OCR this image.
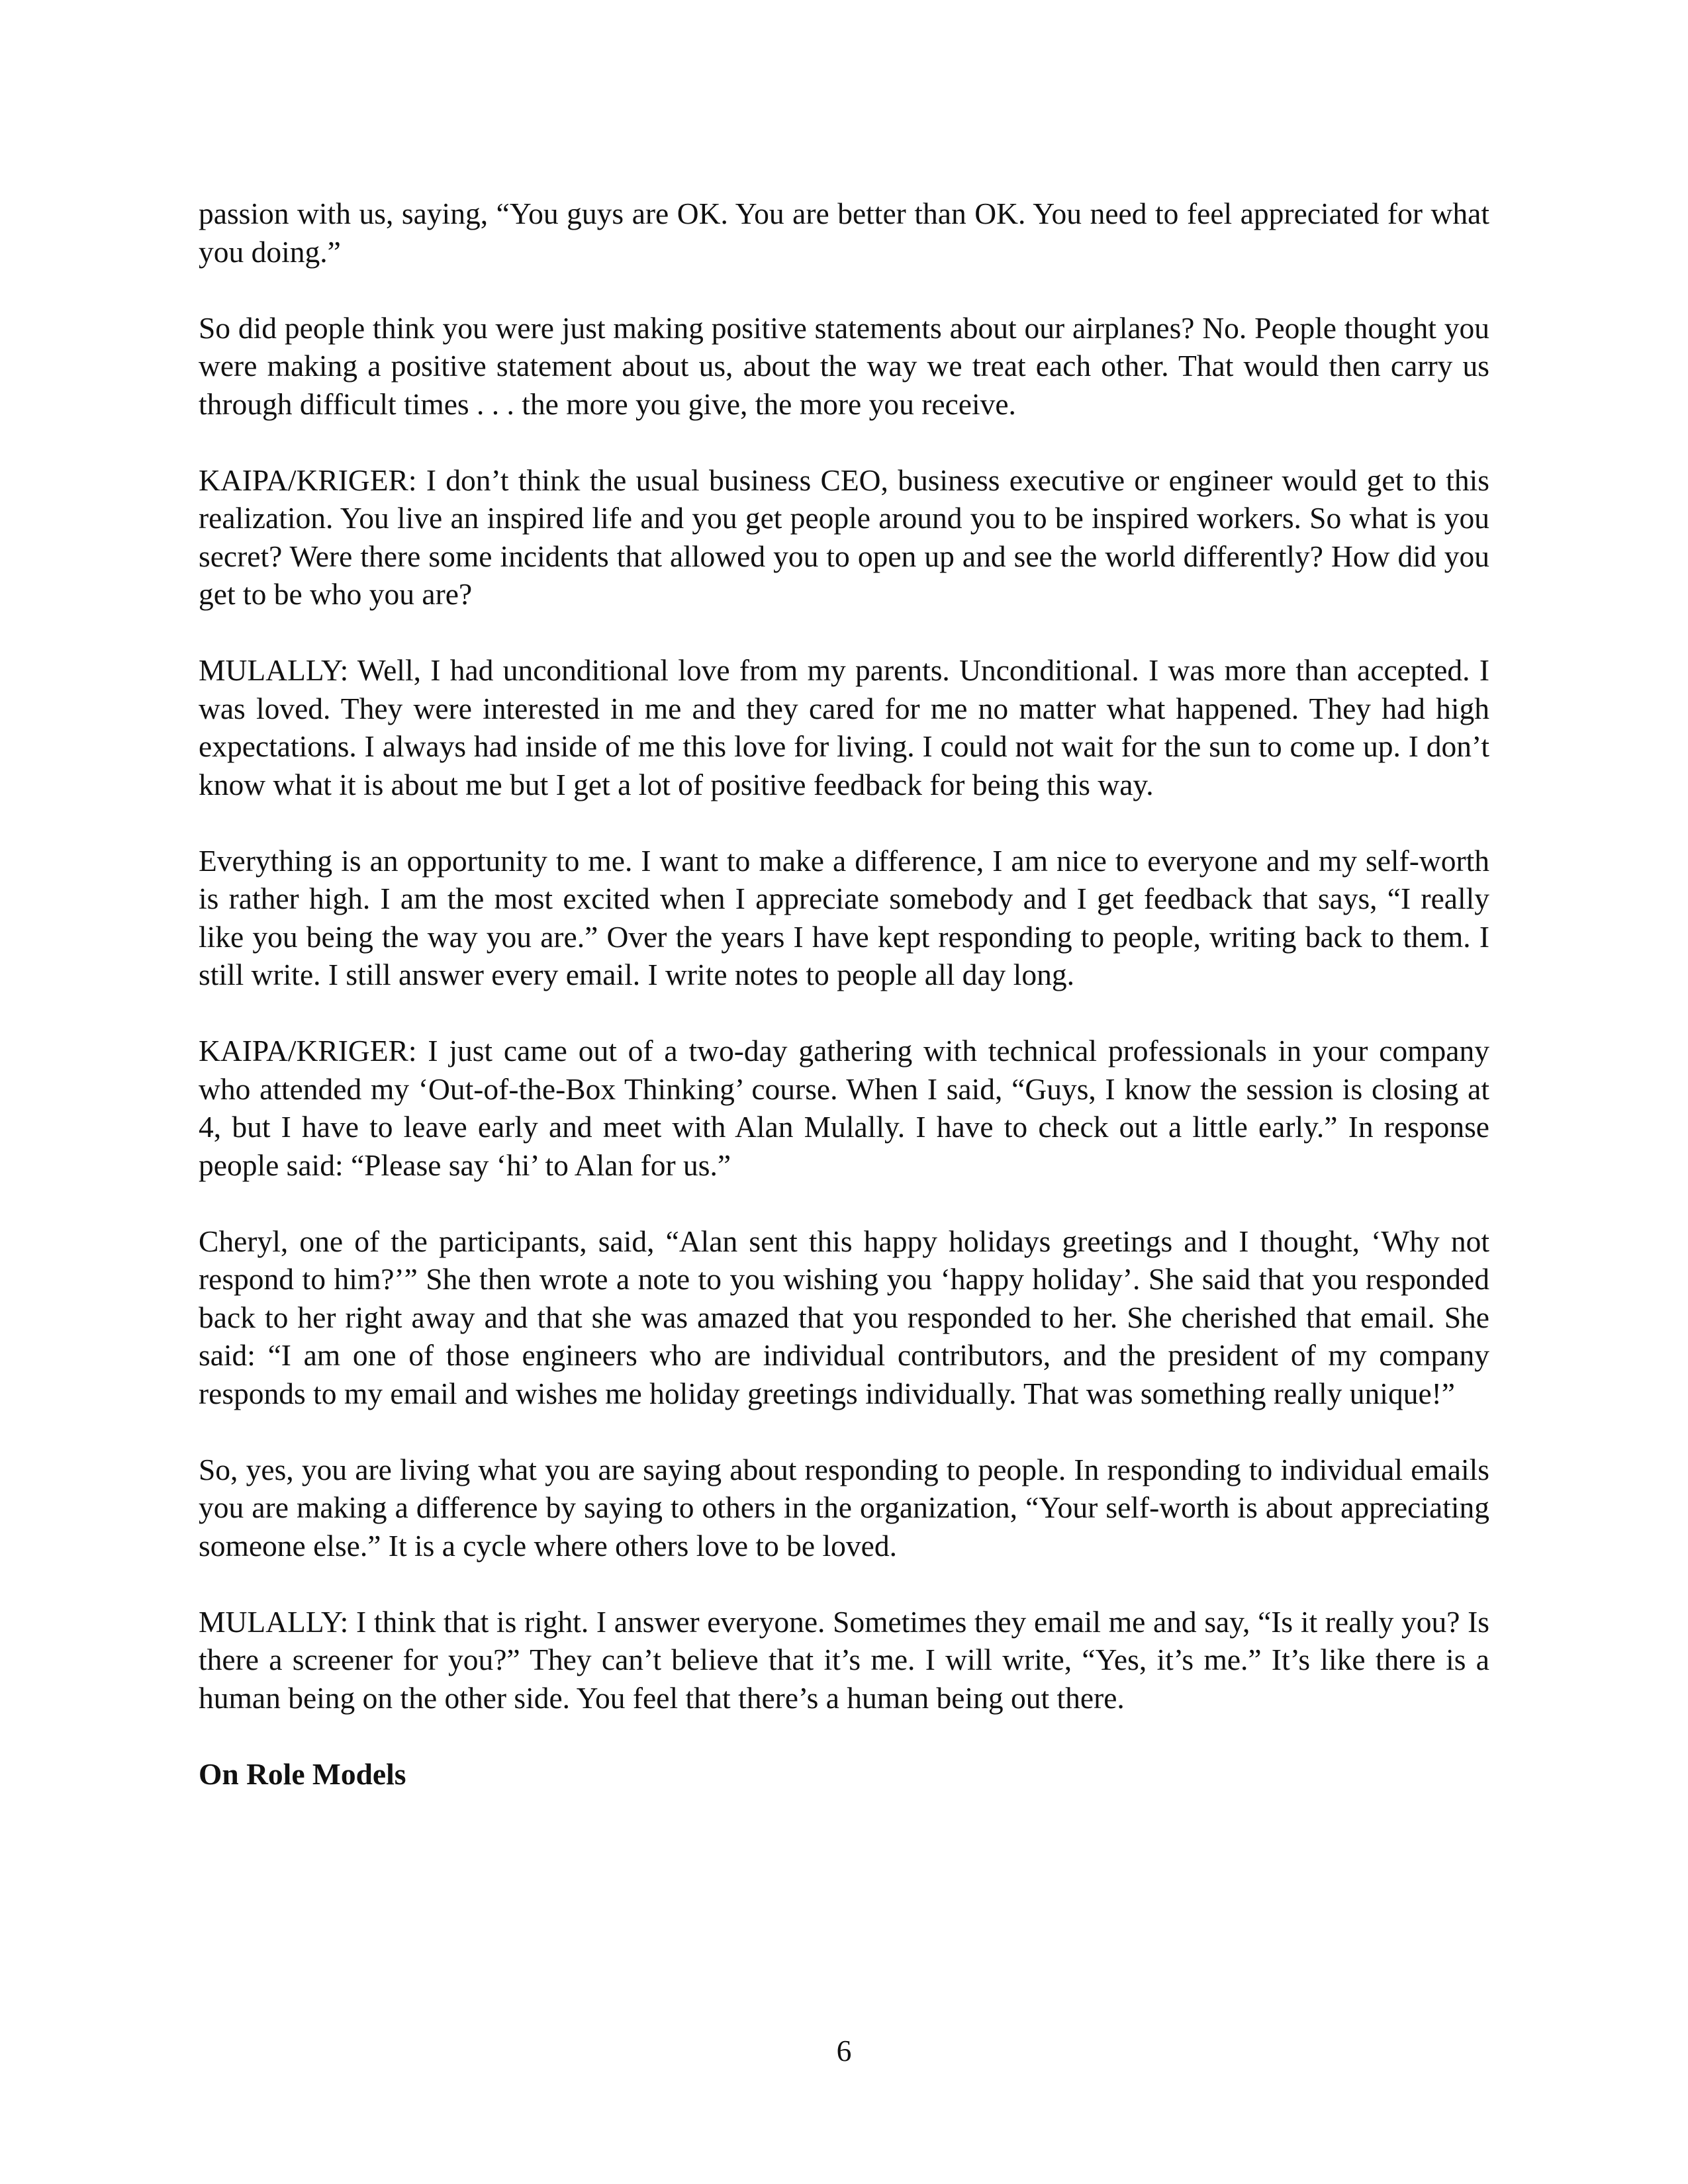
passion with us, saying, “You guys are OK. You are better than OK. You need to feel appreciated for what you doing.”

So did people think you were just making positive statements about our airplanes? No. People thought you were making a positive statement about us, about the way we treat each other. That would then carry us through difficult times . . . the more you give, the more you receive.

KAIPA/KRIGER: I don’t think the usual business CEO, business executive or engineer would get to this realization. You live an inspired life and you get people around you to be inspired workers. So what is you secret? Were there some incidents that allowed you to open up and see the world differently? How did you get to be who you are?

MULALLY: Well, I had unconditional love from my parents. Unconditional. I was more than accepted. I was loved. They were interested in me and they cared for me no matter what happened. They had high expectations. I always had inside of me this love for living. I could not wait for the sun to come up. I don’t know what it is about me but I get a lot of positive feedback for being this way.

Everything is an opportunity to me. I want to make a difference, I am nice to everyone and my self-worth is rather high. I am the most excited when I appreciate somebody and I get feedback that says, “I really like you being the way you are.” Over the years I have kept responding to people, writing back to them. I still write. I still answer every email. I write notes to people all day long.

KAIPA/KRIGER: I just came out of a two-day gathering with technical professionals in your company who attended my ‘Out-of-the-Box Thinking’ course. When I said, “Guys, I know the session is closing at 4, but I have to leave early and meet with Alan Mulally. I have to check out a little early.” In response people said: “Please say ‘hi’ to Alan for us.”

Cheryl, one of the participants, said, “Alan sent this happy holidays greetings and I thought, ‘Why not respond to him?’” She then wrote a note to you wishing you ‘happy holiday’. She said that you responded back to her right away and that she was amazed that you responded to her. She cherished that email. She said: “I am one of those engineers who are individual contributors, and the president of my company responds to my email and wishes me holiday greetings individually. That was something really unique!”

So, yes, you are living what you are saying about responding to people. In responding to individual emails you are making a difference by saying to others in the organization, “Your self-worth is about appreciating someone else.” It is a cycle where others love to be loved.

MULALLY: I think that is right. I answer everyone. Sometimes they email me and say, “Is it really you? Is there a screener for you?” They can’t believe that it’s me. I will write, “Yes, it’s me.” It’s like there is a human being on the other side. You feel that there’s a human being out there.

On Role Models
6
